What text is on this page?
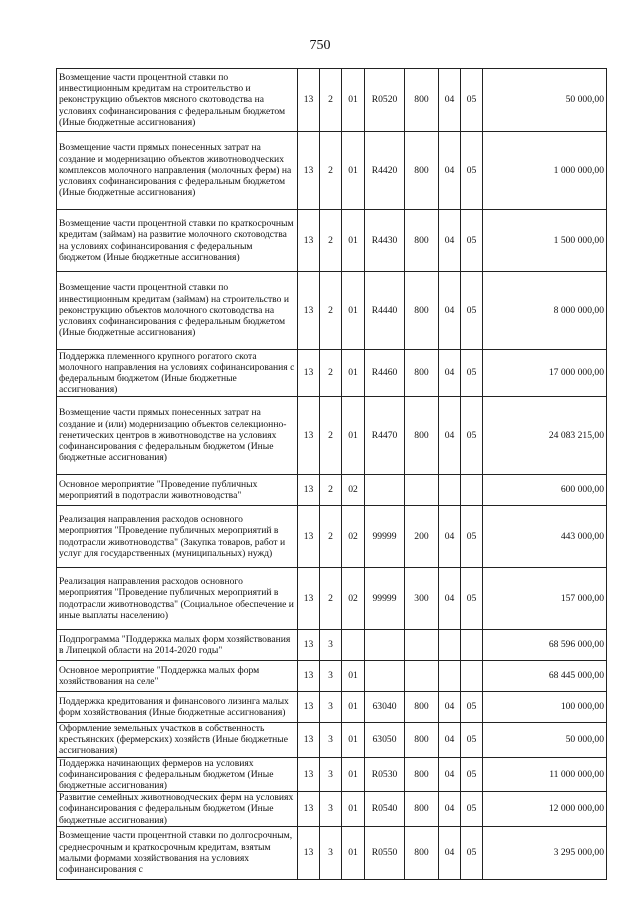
750
Возмещение части процентной ставки по инвестиционным кредитам на строительство и реконструкцию объектов мясного скотоводства на условиях софинансирования с федеральным бюджетом (Иные бюджетные ассигнования)	13	2	01	R0520	800	04	05	50 000,00
Возмещение части прямых понесенных затрат на создание и модернизацию объектов животноводческих комплексов молочного направления (молочных ферм) на условиях софинансирования с федеральным бюджетом (Иные бюджетные ассигнования)	13	2	01	R4420	800	04	05	1 000 000,00
Возмещение части процентной ставки по краткосрочным кредитам (займам) на развитие молочного скотоводства на условиях софинансирования с федеральным бюджетом (Иные бюджетные ассигнования)	13	2	01	R4430	800	04	05	1 500 000,00
Возмещение части процентной ставки по инвестиционным кредитам (займам) на строительство и реконструкцию объектов молочного скотоводства на условиях софинансирования с федеральным бюджетом (Иные бюджетные ассигнования)	13	2	01	R4440	800	04	05	8 000 000,00
Поддержка племенного крупного рогатого скота молочного направления на условиях софинансирования с федеральным бюджетом (Иные бюджетные ассигнования)	13	2	01	R4460	800	04	05	17 000 000,00
Возмещение части прямых понесенных затрат на создание и (или) модернизацию объектов селекционно-генетических центров в животноводстве на условиях софинансирования с федеральным бюджетом (Иные бюджетные ассигнования)	13	2	01	R4470	800	04	05	24 083 215,00
Основное мероприятие "Проведение публичных мероприятий в подотрасли животноводства"	13	2	02					600 000,00
Реализация направления расходов основного мероприятия "Проведение публичных мероприятий в подотрасли животноводства" (Закупка товаров, работ и услуг для государственных (муниципальных) нужд)	13	2	02	99999	200	04	05	443 000,00
Реализация направления расходов основного мероприятия "Проведение публичных мероприятий в подотрасли животноводства" (Социальное обеспечение и иные выплаты населению)	13	2	02	99999	300	04	05	157 000,00
Подпрограмма "Поддержка малых форм хозяйствования в Липецкой области на 2014-2020 годы"	13	3						68 596 000,00
Основное мероприятие "Поддержка малых форм хозяйствования на селе"	13	3	01					68 445 000,00
Поддержка кредитования и финансового лизинга малых форм хозяйствования (Иные бюджетные ассигнования)	13	3	01	63040	800	04	05	100 000,00
Оформление земельных участков в собственность крестьянских (фермерских) хозяйств (Иные бюджетные ассигнования)	13	3	01	63050	800	04	05	50 000,00
Поддержка начинающих фермеров на условиях софинансирования с федеральным бюджетом (Иные бюджетные ассигнования)	13	3	01	R0530	800	04	05	11 000 000,00
Развитие семейных животноводческих ферм на условиях софинансирования с федеральным бюджетом (Иные бюджетные ассигнования)	13	3	01	R0540	800	04	05	12 000 000,00
Возмещение части процентной ставки по долгосрочным, среднесрочным и краткосрочным кредитам, взятым малыми формами хозяйствования на условиях софинансирования с	13	3	01	R0550	800	04	05	3 295 000,00
